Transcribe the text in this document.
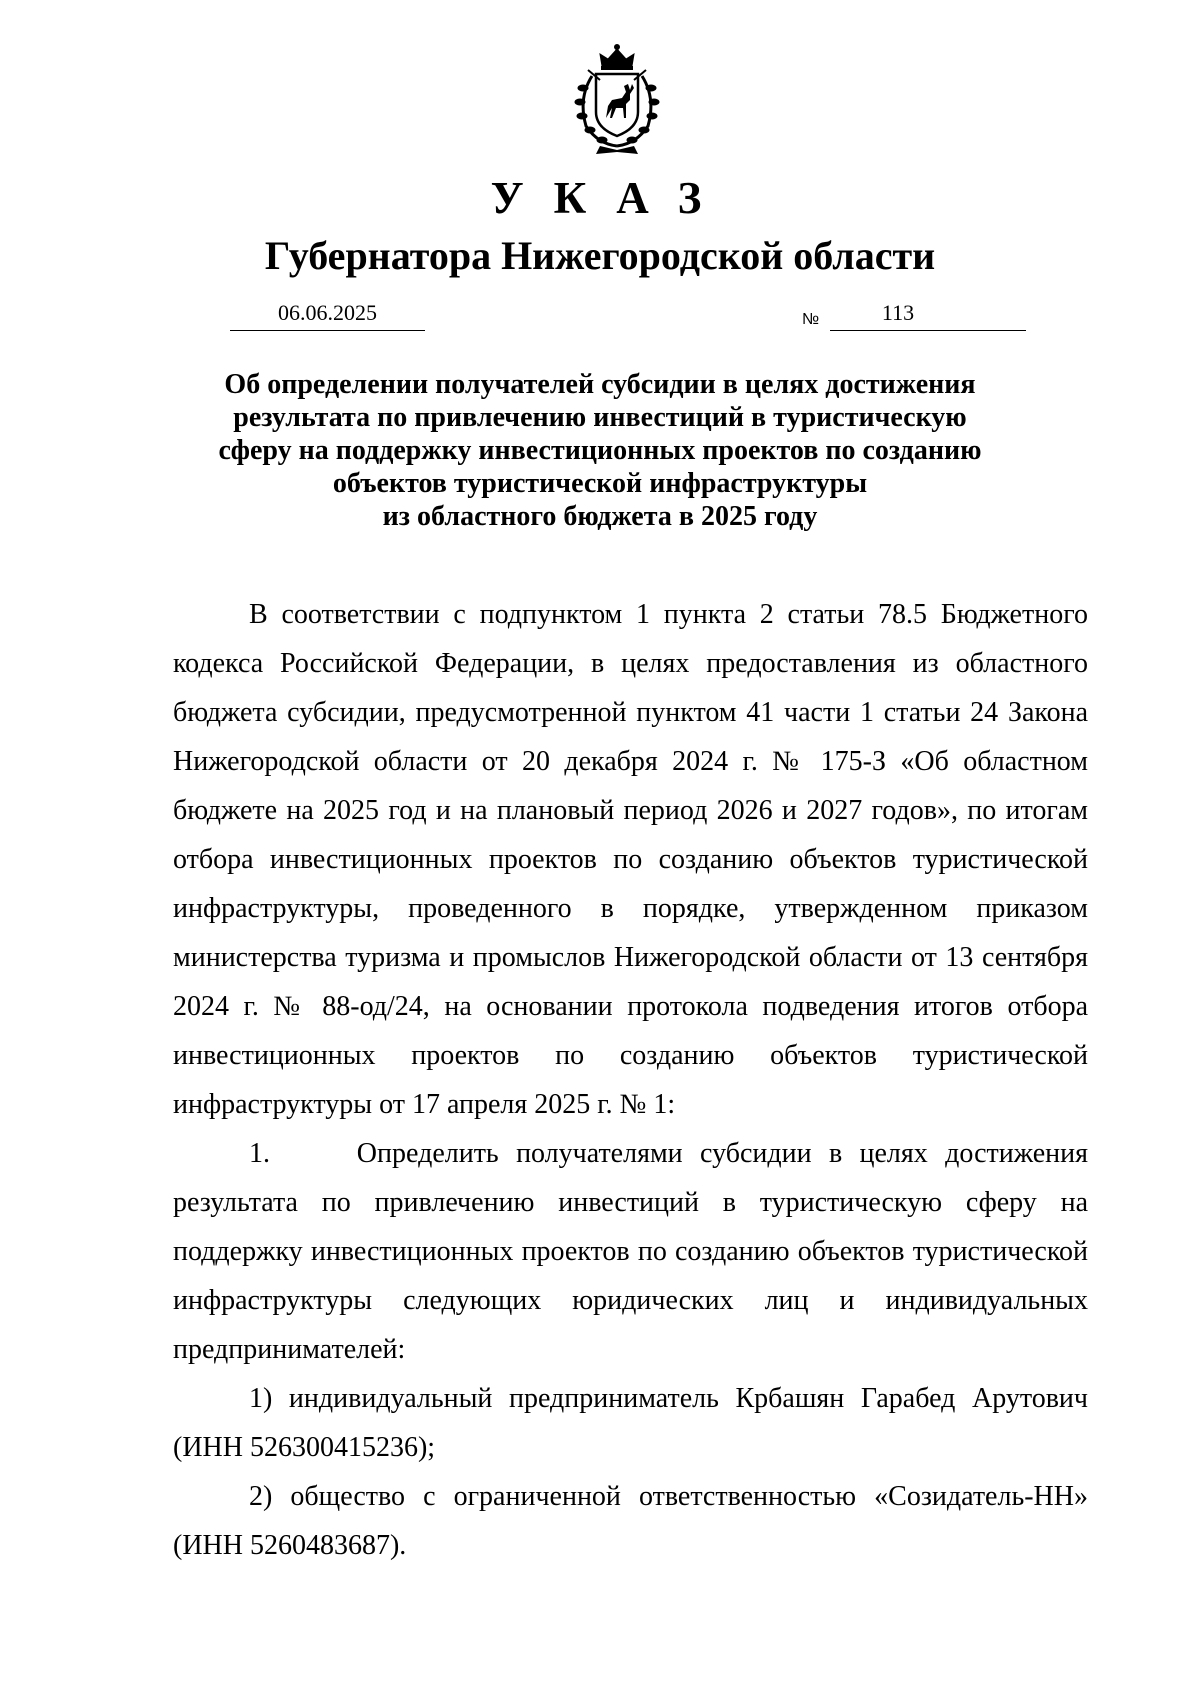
УКАЗ
Губернатора Нижегородской области
06.06.2025	№	113
Об определении получателей субсидии в целях достижения
результата по привлечению инвестиций в туристическую
сферу на поддержку инвестиционных проектов по созданию
объектов туристической инфраструктуры
из областного бюджета в 2025 году

В соответствии с подпунктом 1 пункта 2 статьи 78.5 Бюджетного кодекса Российской Федерации, в целях предоставления из областного бюджета субсидии, предусмотренной пунктом 41 части 1 статьи 24 Закона Нижегородской области от 20 декабря 2024 г. № 175-З «Об областном бюджете на 2025 год и на плановый период 2026 и 2027 годов», по итогам отбора инвестиционных проектов по созданию объектов туристической инфраструктуры, проведенного в порядке, утвержденном приказом министерства туризма и промыслов Нижегородской области от 13 сентября 2024 г. № 88-од/24, на основании протокола подведения итогов отбора инвестиционных проектов по созданию объектов туристической инфраструктуры от 17 апреля 2025 г. № 1:

1.     Определить получателями субсидии в целях достижения результата по привлечению инвестиций в туристическую сферу на поддержку инвестиционных проектов по созданию объектов туристической инфраструктуры следующих юридических лиц и индивидуальных предпринимателей:

1) индивидуальный предприниматель Крбашян Гарабед Арутович (ИНН 526300415236);

2) общество с ограниченной ответственностью «Созидатель-НН» (ИНН 5260483687).
